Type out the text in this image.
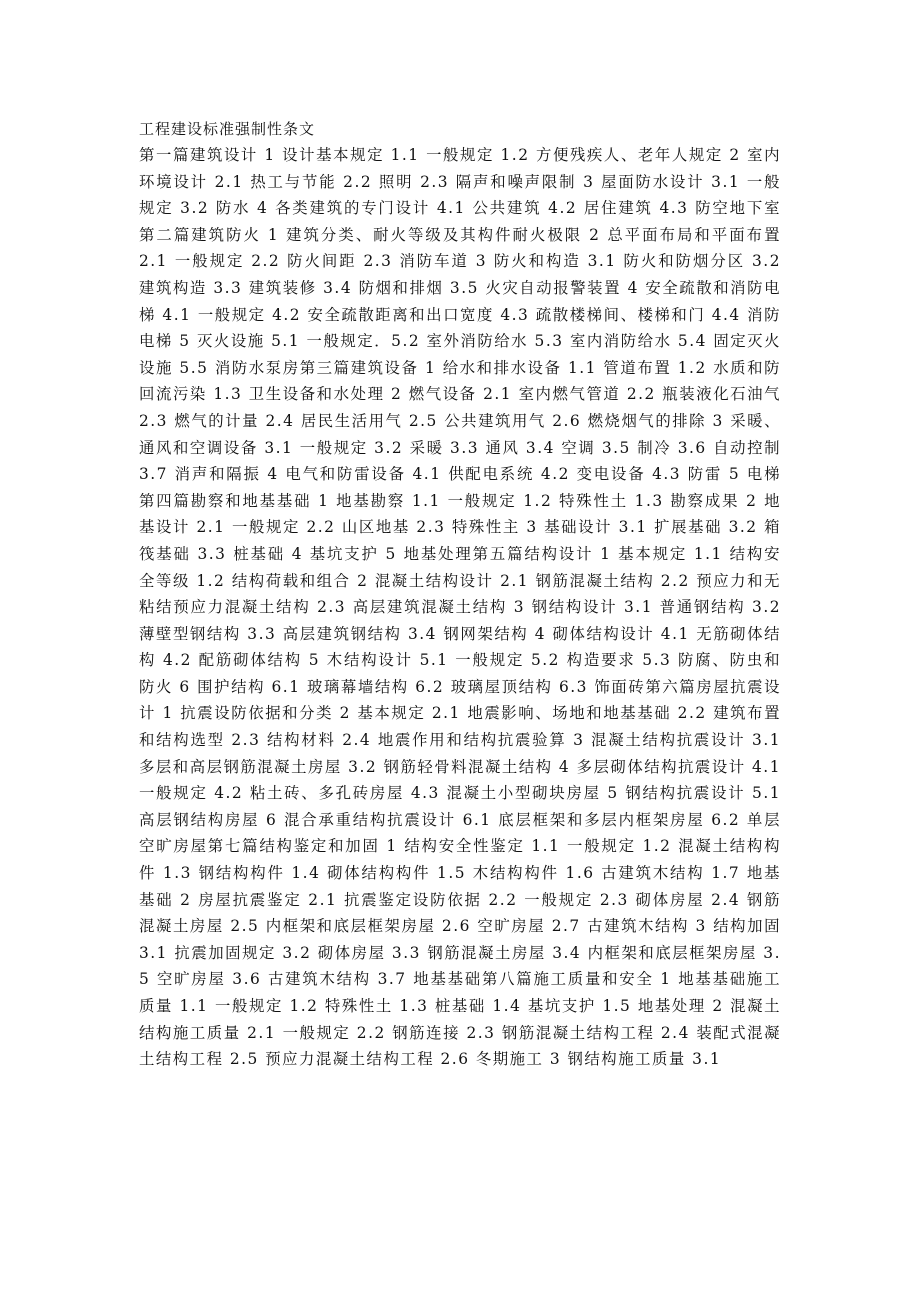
工程建设标准强制性条文
第一篇建筑设计 1 设计基本规定 1.1 一般规定 1.2 方便残疾人、老年人规定 2 室内环境设计 2.1 热工与节能 2.2 照明 2.3 隔声和噪声限制 3 屋面防水设计 3.1 一般规定 3.2 防水 4 各类建筑的专门设计 4.1 公共建筑 4.2 居住建筑 4.3 防空地下室第二篇建筑防火 1 建筑分类、耐火等级及其构件耐火极限 2 总平面布局和平面布置 2.1 一般规定 2.2 防火间距 2.3 消防车道 3 防火和构造 3.1 防火和防烟分区 3.2 建筑构造 3.3 建筑装修 3.4 防烟和排烟 3.5 火灾自动报警装置 4 安全疏散和消防电梯 4.1 一般规定 4.2 安全疏散距离和出口宽度 4.3 疏散楼梯间、楼梯和门 4.4 消防电梯 5 灭火设施 5.1 一般规定．5.2 室外消防给水 5.3 室内消防给水 5.4 固定灭火设施 5.5 消防水泵房第三篇建筑设备 1 给水和排水设备 1.1 管道布置 1.2 水质和防回流污染 1.3 卫生设备和水处理 2 燃气设备 2.1 室内燃气管道 2.2 瓶装液化石油气 2.3 燃气的计量 2.4 居民生活用气 2.5 公共建筑用气 2.6 燃烧烟气的排除 3 采暖、通风和空调设备 3.1 一般规定 3.2 采暖 3.3 通风 3.4 空调 3.5 制冷 3.6 自动控制 3.7 消声和隔振 4 电气和防雷设备 4.1 供配电系统 4.2 变电设备 4.3 防雷 5 电梯第四篇勘察和地基基础 1 地基勘察 1.1 一般规定 1.2 特殊性土 1.3 勘察成果 2 地基设计 2.1 一般规定 2.2 山区地基 2.3 特殊性主 3 基础设计 3.1 扩展基础 3.2 箱筏基础 3.3 桩基础 4 基坑支护 5 地基处理第五篇结构设计 1 基本规定 1.1 结构安全等级 1.2 结构荷载和组合 2 混凝土结构设计 2.1 钢筋混凝土结构 2.2 预应力和无粘结预应力混凝土结构 2.3 高层建筑混凝土结构 3 钢结构设计 3.1 普通钢结构 3.2 薄壁型钢结构 3.3 高层建筑钢结构 3.4 钢网架结构 4 砌体结构设计 4.1 无筋砌体结构 4.2 配筋砌体结构 5 木结构设计 5.1 一般规定 5.2 构造要求 5.3 防腐、防虫和防火 6 围护结构 6.1 玻璃幕墙结构 6.2 玻璃屋顶结构 6.3 饰面砖第六篇房屋抗震设计 1 抗震设防依据和分类 2 基本规定 2.1 地震影响、场地和地基基础 2.2 建筑布置和结构选型 2.3 结构材料 2.4 地震作用和结构抗震验算 3 混凝土结构抗震设计 3.1 多层和高层钢筋混凝土房屋 3.2 钢筋轻骨料混凝土结构 4 多层砌体结构抗震设计 4.1 一般规定 4.2 粘土砖、多孔砖房屋 4.3 混凝土小型砌块房屋 5 钢结构抗震设计 5.1 高层钢结构房屋 6 混合承重结构抗震设计 6.1 底层框架和多层内框架房屋 6.2 单层空旷房屋第七篇结构鉴定和加固 1 结构安全性鉴定 1.1 一般规定 1.2 混凝土结构构件 1.3 钢结构构件 1.4 砌体结构构件 1.5 木结构构件 1.6 古建筑木结构 1.7 地基基础 2 房屋抗震鉴定 2.1 抗震鉴定设防依据 2.2 一般规定 2.3 砌体房屋 2.4 钢筋混凝土房屋 2.5 内框架和底层框架房屋 2.6 空旷房屋 2.7 古建筑木结构 3 结构加固 3.1 抗震加固规定 3.2 砌体房屋 3.3 钢筋混凝土房屋 3.4 内框架和底层框架房屋 3.5 空旷房屋 3.6 古建筑木结构 3.7 地基基础第八篇施工质量和安全 1 地基基础施工质量 1.1 一般规定 1.2 特殊性土 1.3 桩基础 1.4 基坑支护 1.5 地基处理 2 混凝土结构施工质量 2.1 一般规定 2.2 钢筋连接 2.3 钢筋混凝土结构工程 2.4 装配式混凝土结构工程 2.5 预应力混凝土结构工程 2.6 冬期施工 3 钢结构施工质量 3.1
